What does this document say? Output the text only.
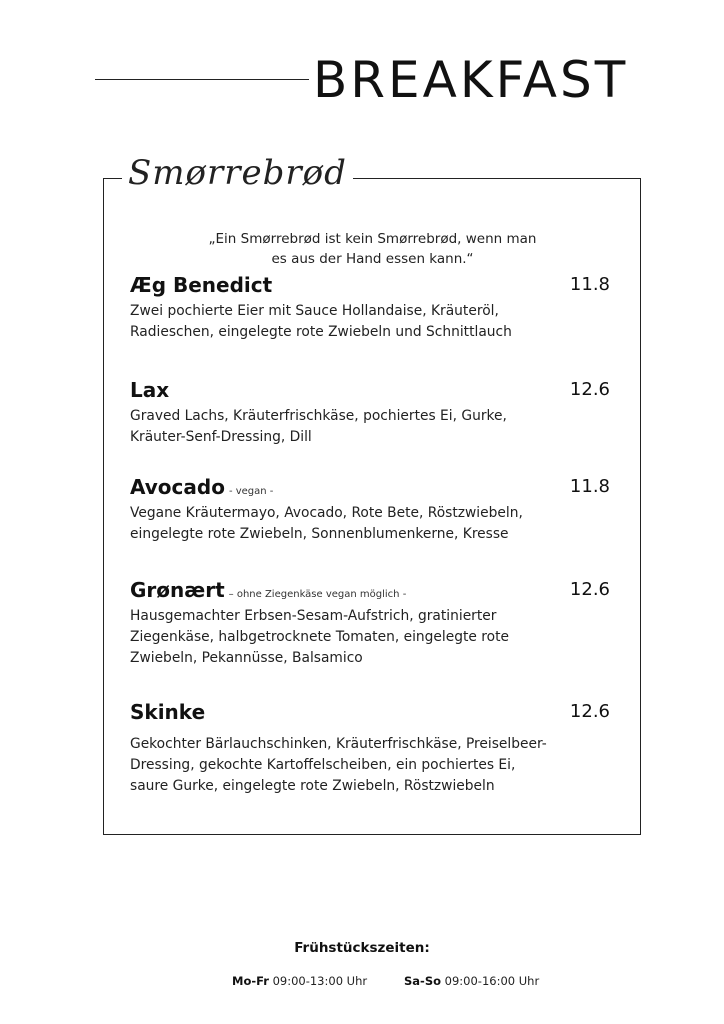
BREAKFAST
Smørrebrød
„Ein Smørrebrød ist kein Smørrebrød, wenn man
es aus der Hand essen kann.“
Æg Benedict	11.8
Zwei pochierte Eier mit Sauce Hollandaise, Kräuteröl,
Radieschen, eingelegte rote Zwiebeln und Schnittlauch
Lax	12.6
Graved Lachs, Kräuterfrischkäse, pochiertes Ei, Gurke,
Kräuter-Senf-Dressing, Dill
Avocado - vegan -	11.8
Vegane Kräutermayo, Avocado, Rote Bete, Röstzwiebeln,
eingelegte rote Zwiebeln, Sonnenblumenkerne, Kresse
Grønært – ohne Ziegenkäse vegan möglich -	12.6
Hausgemachter Erbsen-Sesam-Aufstrich, gratinierter
Ziegenkäse, halbgetrocknete Tomaten, eingelegte rote
Zwiebeln, Pekannüsse, Balsamico
Skinke	12.6
Gekochter Bärlauchschinken, Kräuterfrischkäse, Preiselbeer-
Dressing, gekochte Kartoffelscheiben, ein pochiertes Ei,
saure Gurke, eingelegte rote Zwiebeln, Röstzwiebeln
Frühstückszeiten:
Mo-Fr 09:00-13:00 Uhr	Sa-So 09:00-16:00 Uhr
